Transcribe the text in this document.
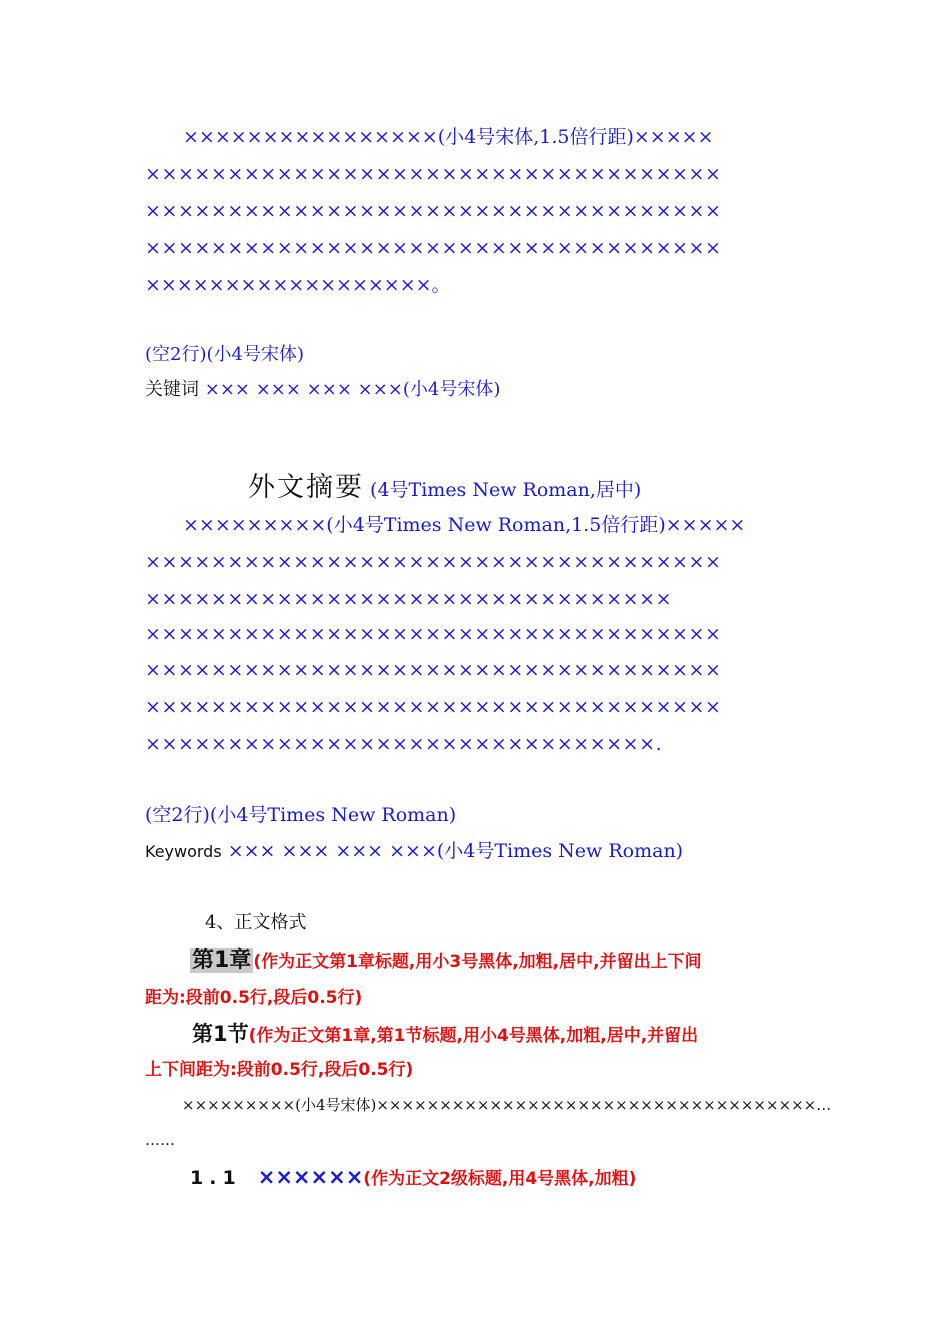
××××××××××××××××(小4号宋体,1.5倍行距)×××××
×××××××××××××××××××××××××××××××××××
×××××××××××××××××××××××××××××××××××
×××××××××××××××××××××××××××××××××××
××××××××××××××××××。
(空2行)(小4号宋体)
关键词 ××× ××× ××× ×××(小4号宋体)
外文摘要 (4号Times New Roman,居中)
×××××××××(小4号Times New Roman,1.5倍行距)×××××
×××××××××××××××××××××××××××××××××××
××××××××××××××××××××××××××××××××
×××××××××××××××××××××××××××××××××××
×××××××××××××××××××××××××××××××××××
×××××××××××××××××××××××××××××××××××
×××××××××××××××××××××××××××××××.
(空2行)(小4号Times New Roman)
Keywords ××× ××× ××× ×××(小4号Times New Roman)
4、正文格式
第1章 (作为正文第1章标题,用小3号黑体,加粗,居中,并留出上下间
距为:段前0.5行,段后0.5行)
第1节(作为正文第1章,第1节标题,用小4号黑体,加粗,居中,并留出
上下间距为:段前0.5行,段后0.5行)
×××××××××(小4号宋体)×××××××××××××××××××××××××××××××××××…
……
1.1 ××××××(作为正文2级标题,用4号黑体,加粗)
